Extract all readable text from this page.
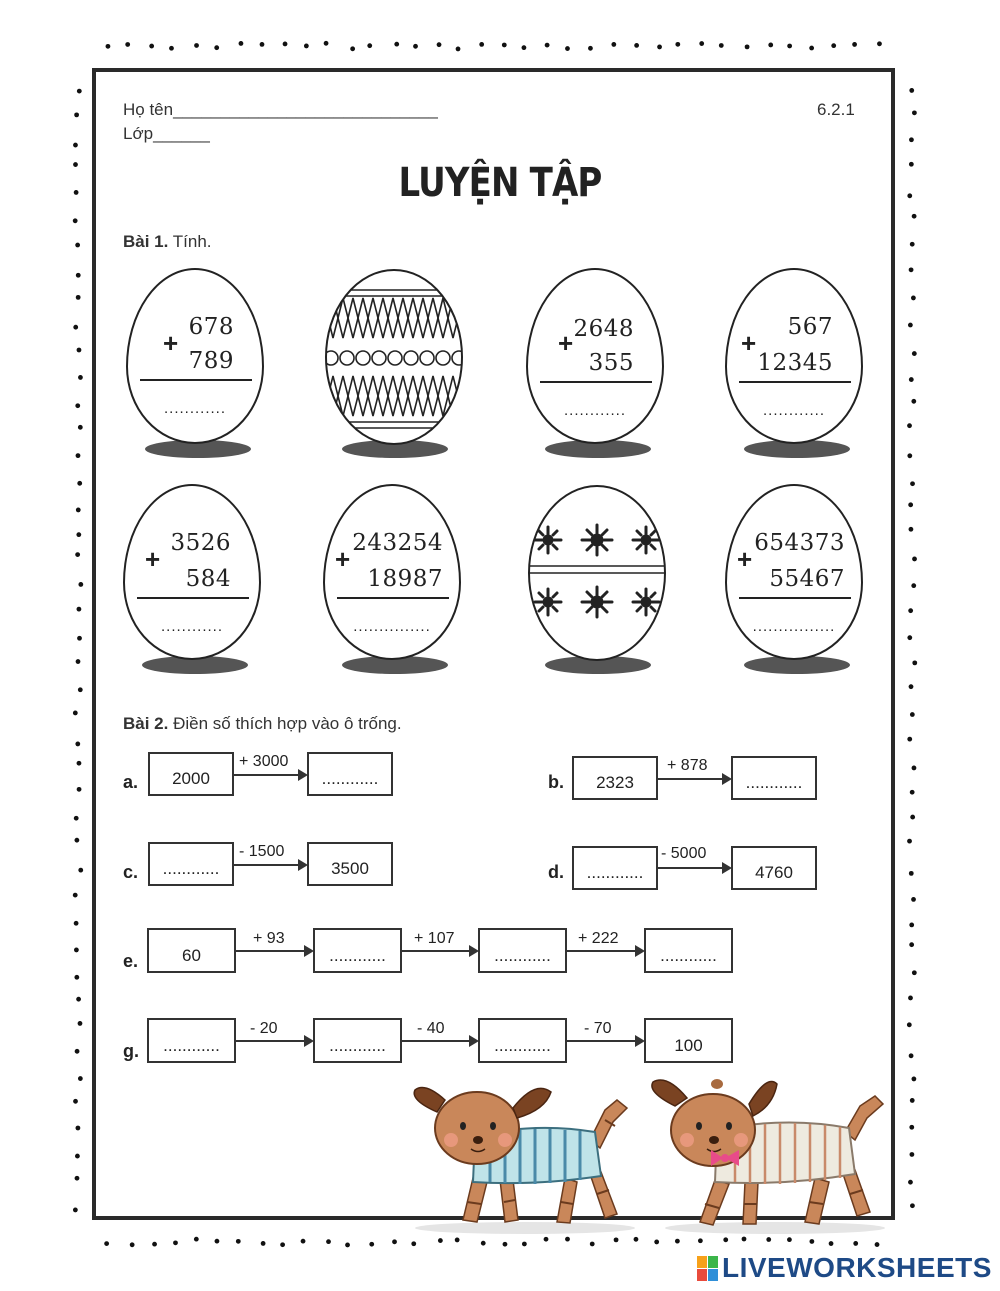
Họ tên____________________________
Lớp______
6.2.1
LUYỆN TẬP
Bài 1. Tính.
+
678
789
............
+ 2648
355
............
+
567
12345
............
+
3526
584
............
+
243254
18987
...............
+
654373
55467
................
Bài 2. Điền số thích hợp vào ô trống.
a.	2000
+ 3000
............	b.	2323
+ 878
............
c.	............
- 1500
3500	d.	............
- 5000
4760
e.	60
+ 93
............
+ 107
............
+ 222
............
g.	............
- 20
............
- 40
............
- 70
100
LIVEWORKSHEETS
